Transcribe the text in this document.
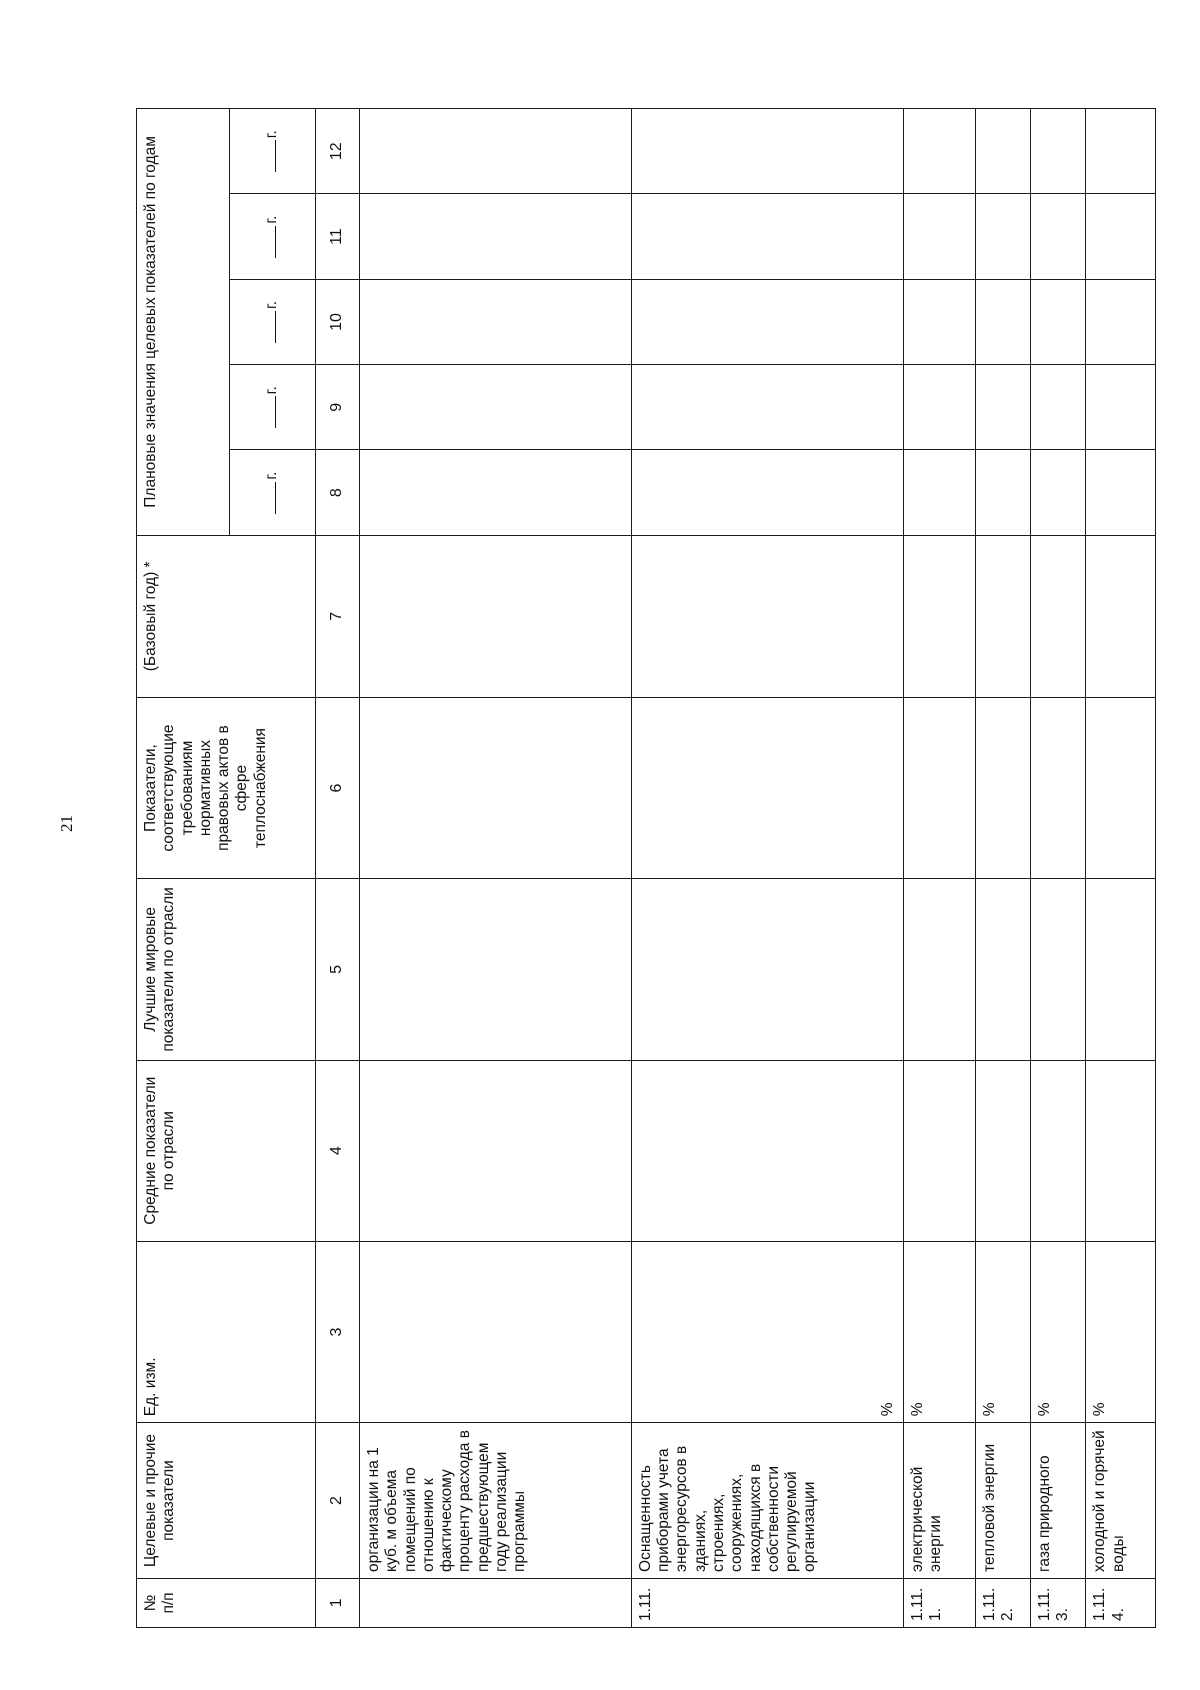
21
№
п/п	Целевые и прочие показатели	Ед. изм.	Средние показатели по отрасли	Лучшие мировые показатели по отрасли	Показатели, соответствующие требованиям нормативных правовых актов в сфере теплоснабжения	(Базовый год) *	Плановые значения целевых показателей по годам				
							г.	г.	г.	г.	г.
1	2	3	4	5	6	7	8	9	10	11	12
	организации на 1 куб. м объема помещений по отношению к фактическому проценту расхода в предшествующем году реализации программы										
1.11.	Оснащенность приборами учета энергоресурсов в зданиях, строениях, сооружениях, находящихся в собственности регулируемой организации	%									
1.11.1.	электрической энергии	%									
1.11.2.	тепловой энергии	%									
1.11.3.	газа природного	%									
1.11.4.	холодной и горячей воды	%									
